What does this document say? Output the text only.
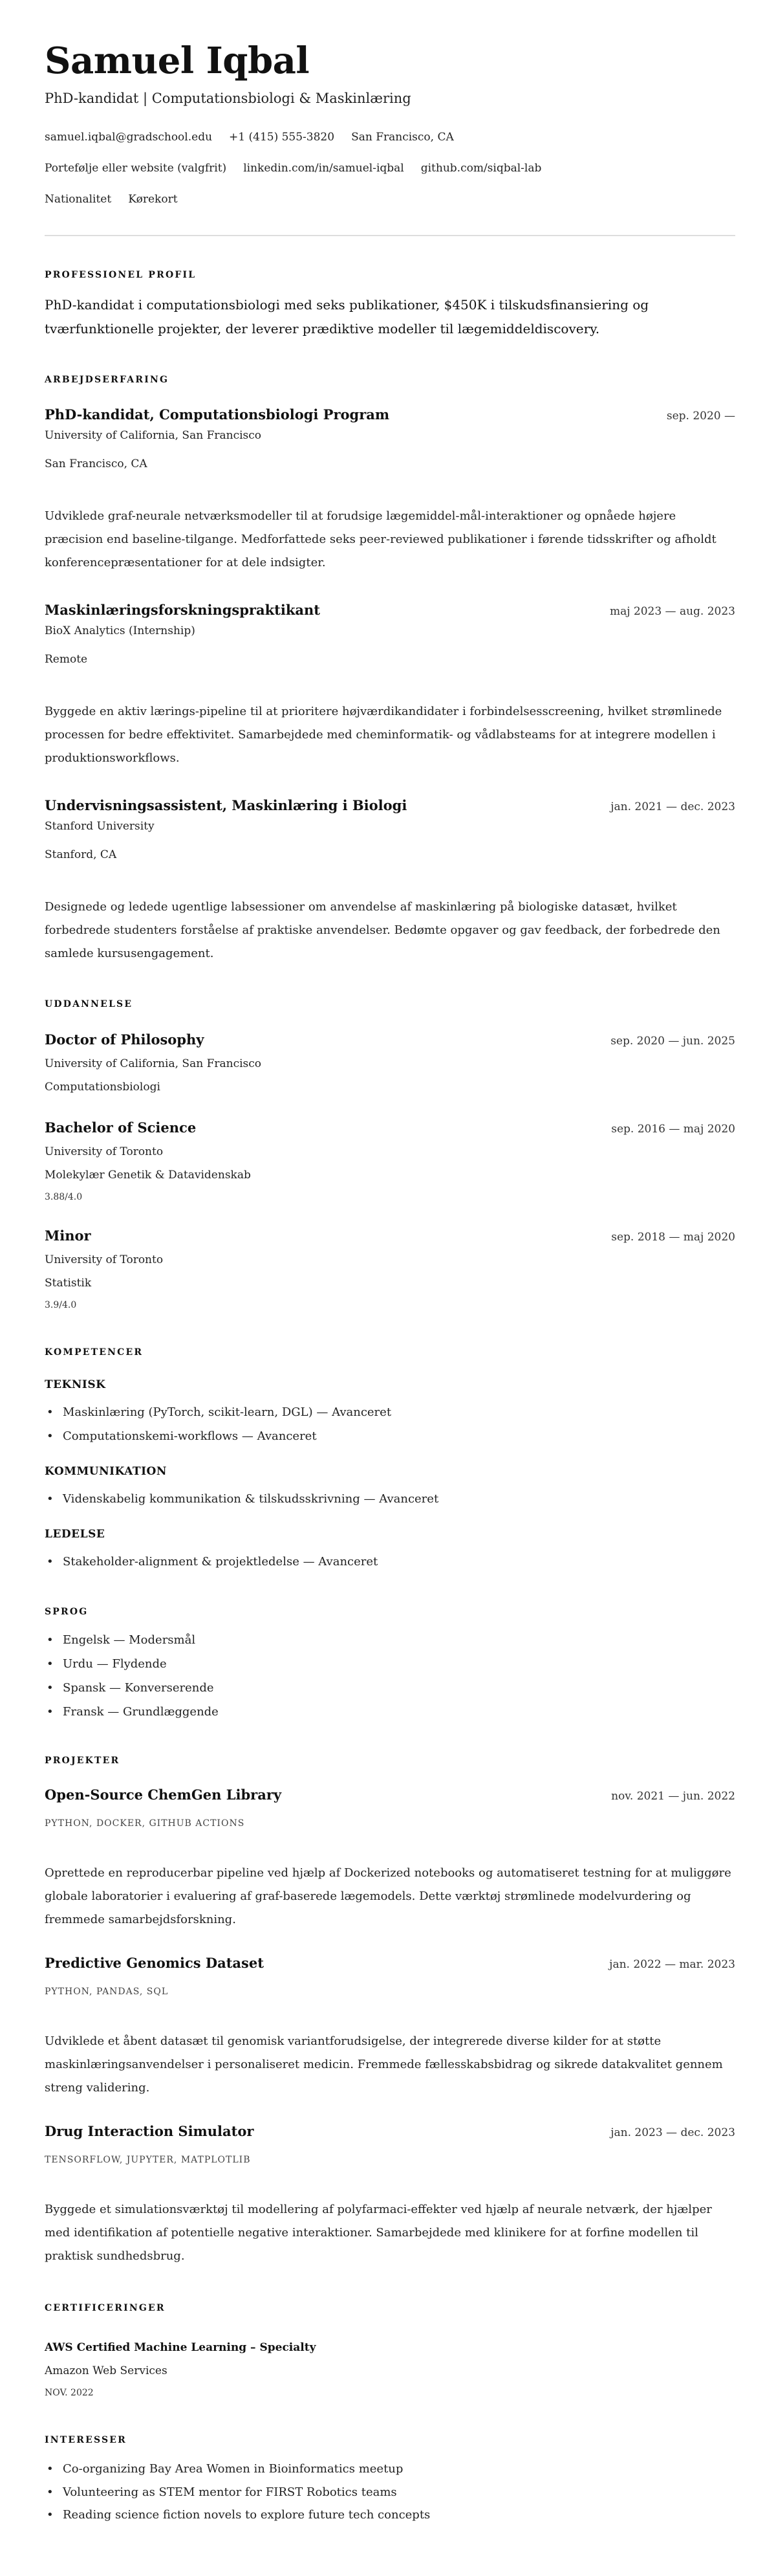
Samuel Iqbal
PhD-kandidat | Computationsbiologi & Maskinlæring
samuel.iqbal@gradschool.edu +1 (415) 555-3820 San Francisco, CA
Portefølje eller website (valgfrit) linkedin.com/in/samuel-iqbal github.com/siqbal-lab
Nationalitet Kørekort
PROFESSIONEL PROFIL

PhD-kandidat i computationsbiologi med seks publikationer, $450K i tilskudsfinansiering og tværfunktionelle projekter, der leverer prædiktive modeller til lægemiddeldiscovery.

ARBEJDSERFARING
PhD-kandidat, Computationsbiologi Program	sep. 2020 —
University of California, San Francisco
San Francisco, CA

Udviklede graf-neurale netværksmodeller til at forudsige lægemiddel-mål-interaktioner og opnåede højere præcision end baseline-tilgange. Medforfattede seks peer-reviewed publikationer i førende tidsskrifter og afholdt konferencepræsentationer for at dele indsigter.

Maskinlæringsforskningspraktikant	maj 2023 — aug. 2023
BioX Analytics (Internship)
Remote

Byggede en aktiv lærings-pipeline til at prioritere højværdikandidater i forbindelsesscreening, hvilket strømlinede processen for bedre effektivitet. Samarbejdede med cheminformatik- og vådlabsteams for at integrere modellen i produktionsworkflows.

Undervisningsassistent, Maskinlæring i Biologi	jan. 2021 — dec. 2023
Stanford University
Stanford, CA

Designede og ledede ugentlige labsessioner om anvendelse af maskinlæring på biologiske datasæt, hvilket forbedrede studenters forståelse af praktiske anvendelser. Bedømte opgaver og gav feedback, der forbedrede den samlede kursusengagement.

UDDANNELSE
Doctor of Philosophy	sep. 2020 — jun. 2025
University of California, San Francisco
Computationsbiologi
Bachelor of Science	sep. 2016 — maj 2020
University of Toronto
Molekylær Genetik & Datavidenskab
3.88/4.0
Minor	sep. 2018 — maj 2020
University of Toronto
Statistik
3.9/4.0
KOMPETENCER
TEKNISK
• Maskinlæring (PyTorch, scikit-learn, DGL) — Avanceret
• Computationskemi-workflows — Avanceret
KOMMUNIKATION
• Videnskabelig kommunikation & tilskudsskrivning — Avanceret
LEDELSE
• Stakeholder-alignment & projektledelse — Avanceret
SPROG
• Engelsk — Modersmål
• Urdu — Flydende
• Spansk — Konverserende
• Fransk — Grundlæggende
PROJEKTER
Open-Source ChemGen Library	nov. 2021 — jun. 2022
PYTHON, DOCKER, GITHUB ACTIONS

Oprettede en reproducerbar pipeline ved hjælp af Dockerized notebooks og automatiseret testning for at muliggøre globale laboratorier i evaluering af graf-baserede lægemodels. Dette værktøj strømlinede modelvurdering og fremmede samarbejdsforskning.

Predictive Genomics Dataset	jan. 2022 — mar. 2023
PYTHON, PANDAS, SQL

Udviklede et åbent datasæt til genomisk variantforudsigelse, der integrerede diverse kilder for at støtte maskinlæringsanvendelser i personaliseret medicin. Fremmede fællesskabsbidrag og sikrede datakvalitet gennem streng validering.

Drug Interaction Simulator	jan. 2023 — dec. 2023
TENSORFLOW, JUPYTER, MATPLOTLIB

Byggede et simulationsværktøj til modellering af polyfarmaci-effekter ved hjælp af neurale netværk, der hjælper med identifikation af potentielle negative interaktioner. Samarbejdede med klinikere for at forfine modellen til praktisk sundhedsbrug.

CERTIFICERINGER
AWS Certified Machine Learning – Specialty
Amazon Web Services
NOV. 2022
INTERESSER
• Co-organizing Bay Area Women in Bioinformatics meetup
• Volunteering as STEM mentor for FIRST Robotics teams
• Reading science fiction novels to explore future tech concepts
